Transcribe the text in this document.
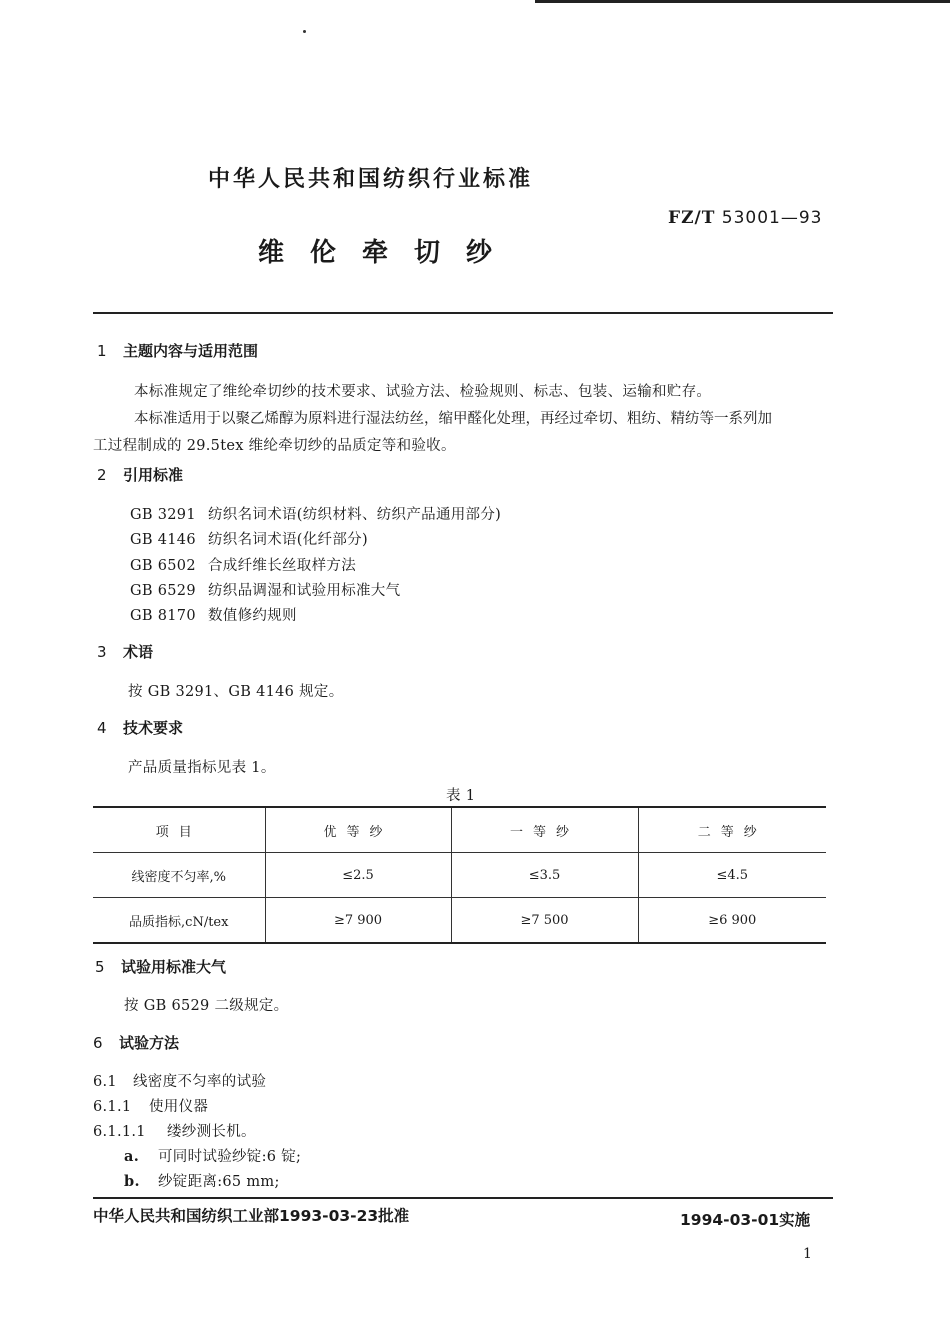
中华人民共和国纺织行业标准
FZ/T 53001—93
维伦牵切纱
1 主题内容与适用范围
本标准规定了维纶牵切纱的技术要求、试验方法、检验规则、标志、包装、运输和贮存。
本标准适用于以聚乙烯醇为原料进行湿法纺丝，缩甲醛化处理，再经过牵切、粗纺、精纺等一系列加
工过程制成的 29.5tex 维纶牵切纱的品质定等和验收。
2 引用标准
GB 3291 纺织名词术语(纺织材料、纺织产品通用部分)
GB 4146 纺织名词术语(化纤部分)
GB 6502 合成纤维长丝取样方法
GB 6529 纺织品调湿和试验用标准大气
GB 8170 数值修约规则
3 术语
按 GB 3291、GB 4146 规定。
4 技术要求
产品质量指标见表 1。
表 1
项目	优等纱	一等纱	二等纱
线密度不匀率,%	≤2.5	≤3.5	≤4.5
品质指标,cN/tex	≥7 900	≥7 500	≥6 900
5 试验用标准大气
按 GB 6529 二级规定。
6 试验方法
6.1 线密度不匀率的试验
6.1.1 使用仪器
6.1.1.1 缕纱测长机。
a. 可同时试验纱锭:6 锭;
b. 纱锭距离:65 mm;
中华人民共和国纺织工业部1993-03-23批准	1994-03-01实施
1
